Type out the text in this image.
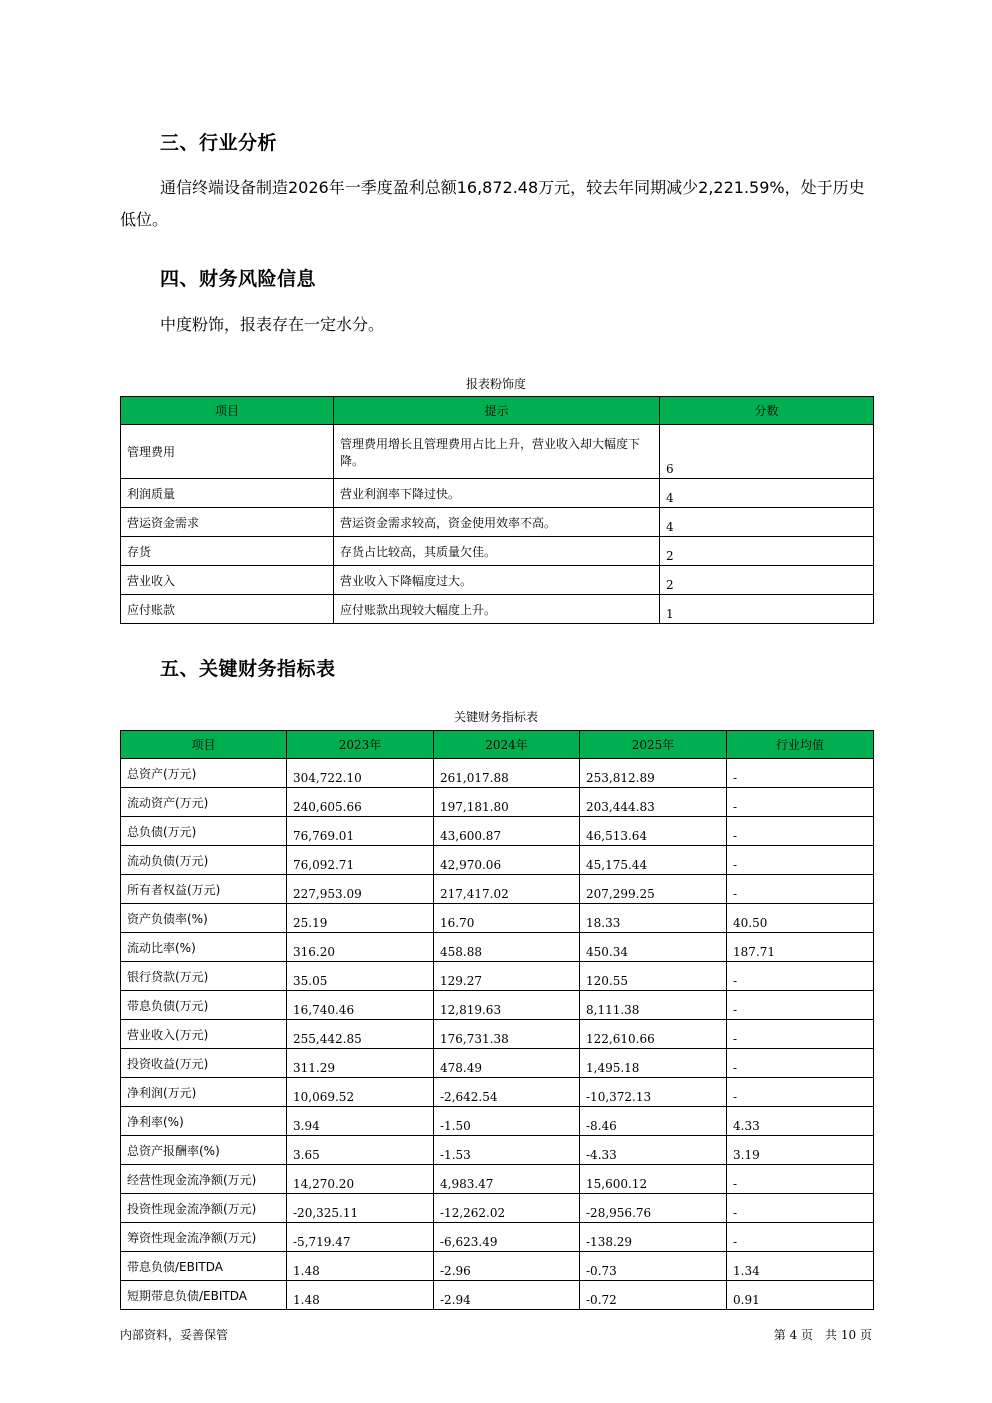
三、行业分析
通信终端设备制造2026年一季度盈利总额16,872.48万元，较去年同期减少2,221.59%，处于历史低位。
四、财务风险信息
中度粉饰，报表存在一定水分。
报表粉饰度
项目	提示	分数
管理费用	管理费用增长且管理费用占比上升，营业收入却大幅度下降。	6
利润质量	营业利润率下降过快。	4
营运资金需求	营运资金需求较高，资金使用效率不高。	4
存货	存货占比较高，其质量欠佳。	2
营业收入	营业收入下降幅度过大。	2
应付账款	应付账款出现较大幅度上升。	1
五、关键财务指标表
关键财务指标表
项目	2023年	2024年	2025年	行业均值
总资产(万元)	304,722.10	261,017.88	253,812.89	-
流动资产(万元)	240,605.66	197,181.80	203,444.83	-
总负债(万元)	76,769.01	43,600.87	46,513.64	-
流动负债(万元)	76,092.71	42,970.06	45,175.44	-
所有者权益(万元)	227,953.09	217,417.02	207,299.25	-
资产负债率(%)	25.19	16.70	18.33	40.50
流动比率(%)	316.20	458.88	450.34	187.71
银行贷款(万元)	35.05	129.27	120.55	-
带息负债(万元)	16,740.46	12,819.63	8,111.38	-
营业收入(万元)	255,442.85	176,731.38	122,610.66	-
投资收益(万元)	311.29	478.49	1,495.18	-
净利润(万元)	10,069.52	-2,642.54	-10,372.13	-
净利率(%)	3.94	-1.50	-8.46	4.33
总资产报酬率(%)	3.65	-1.53	-4.33	3.19
经营性现金流净额(万元)	14,270.20	4,983.47	15,600.12	-
投资性现金流净额(万元)	-20,325.11	-12,262.02	-28,956.76	-
筹资性现金流净额(万元)	-5,719.47	-6,623.49	-138.29	-
带息负债/EBITDA	1.48	-2.96	-0.73	1.34
短期带息负债/EBITDA	1.48	-2.94	-0.72	0.91
内部资料，妥善保管	第 4 页　共 10 页
